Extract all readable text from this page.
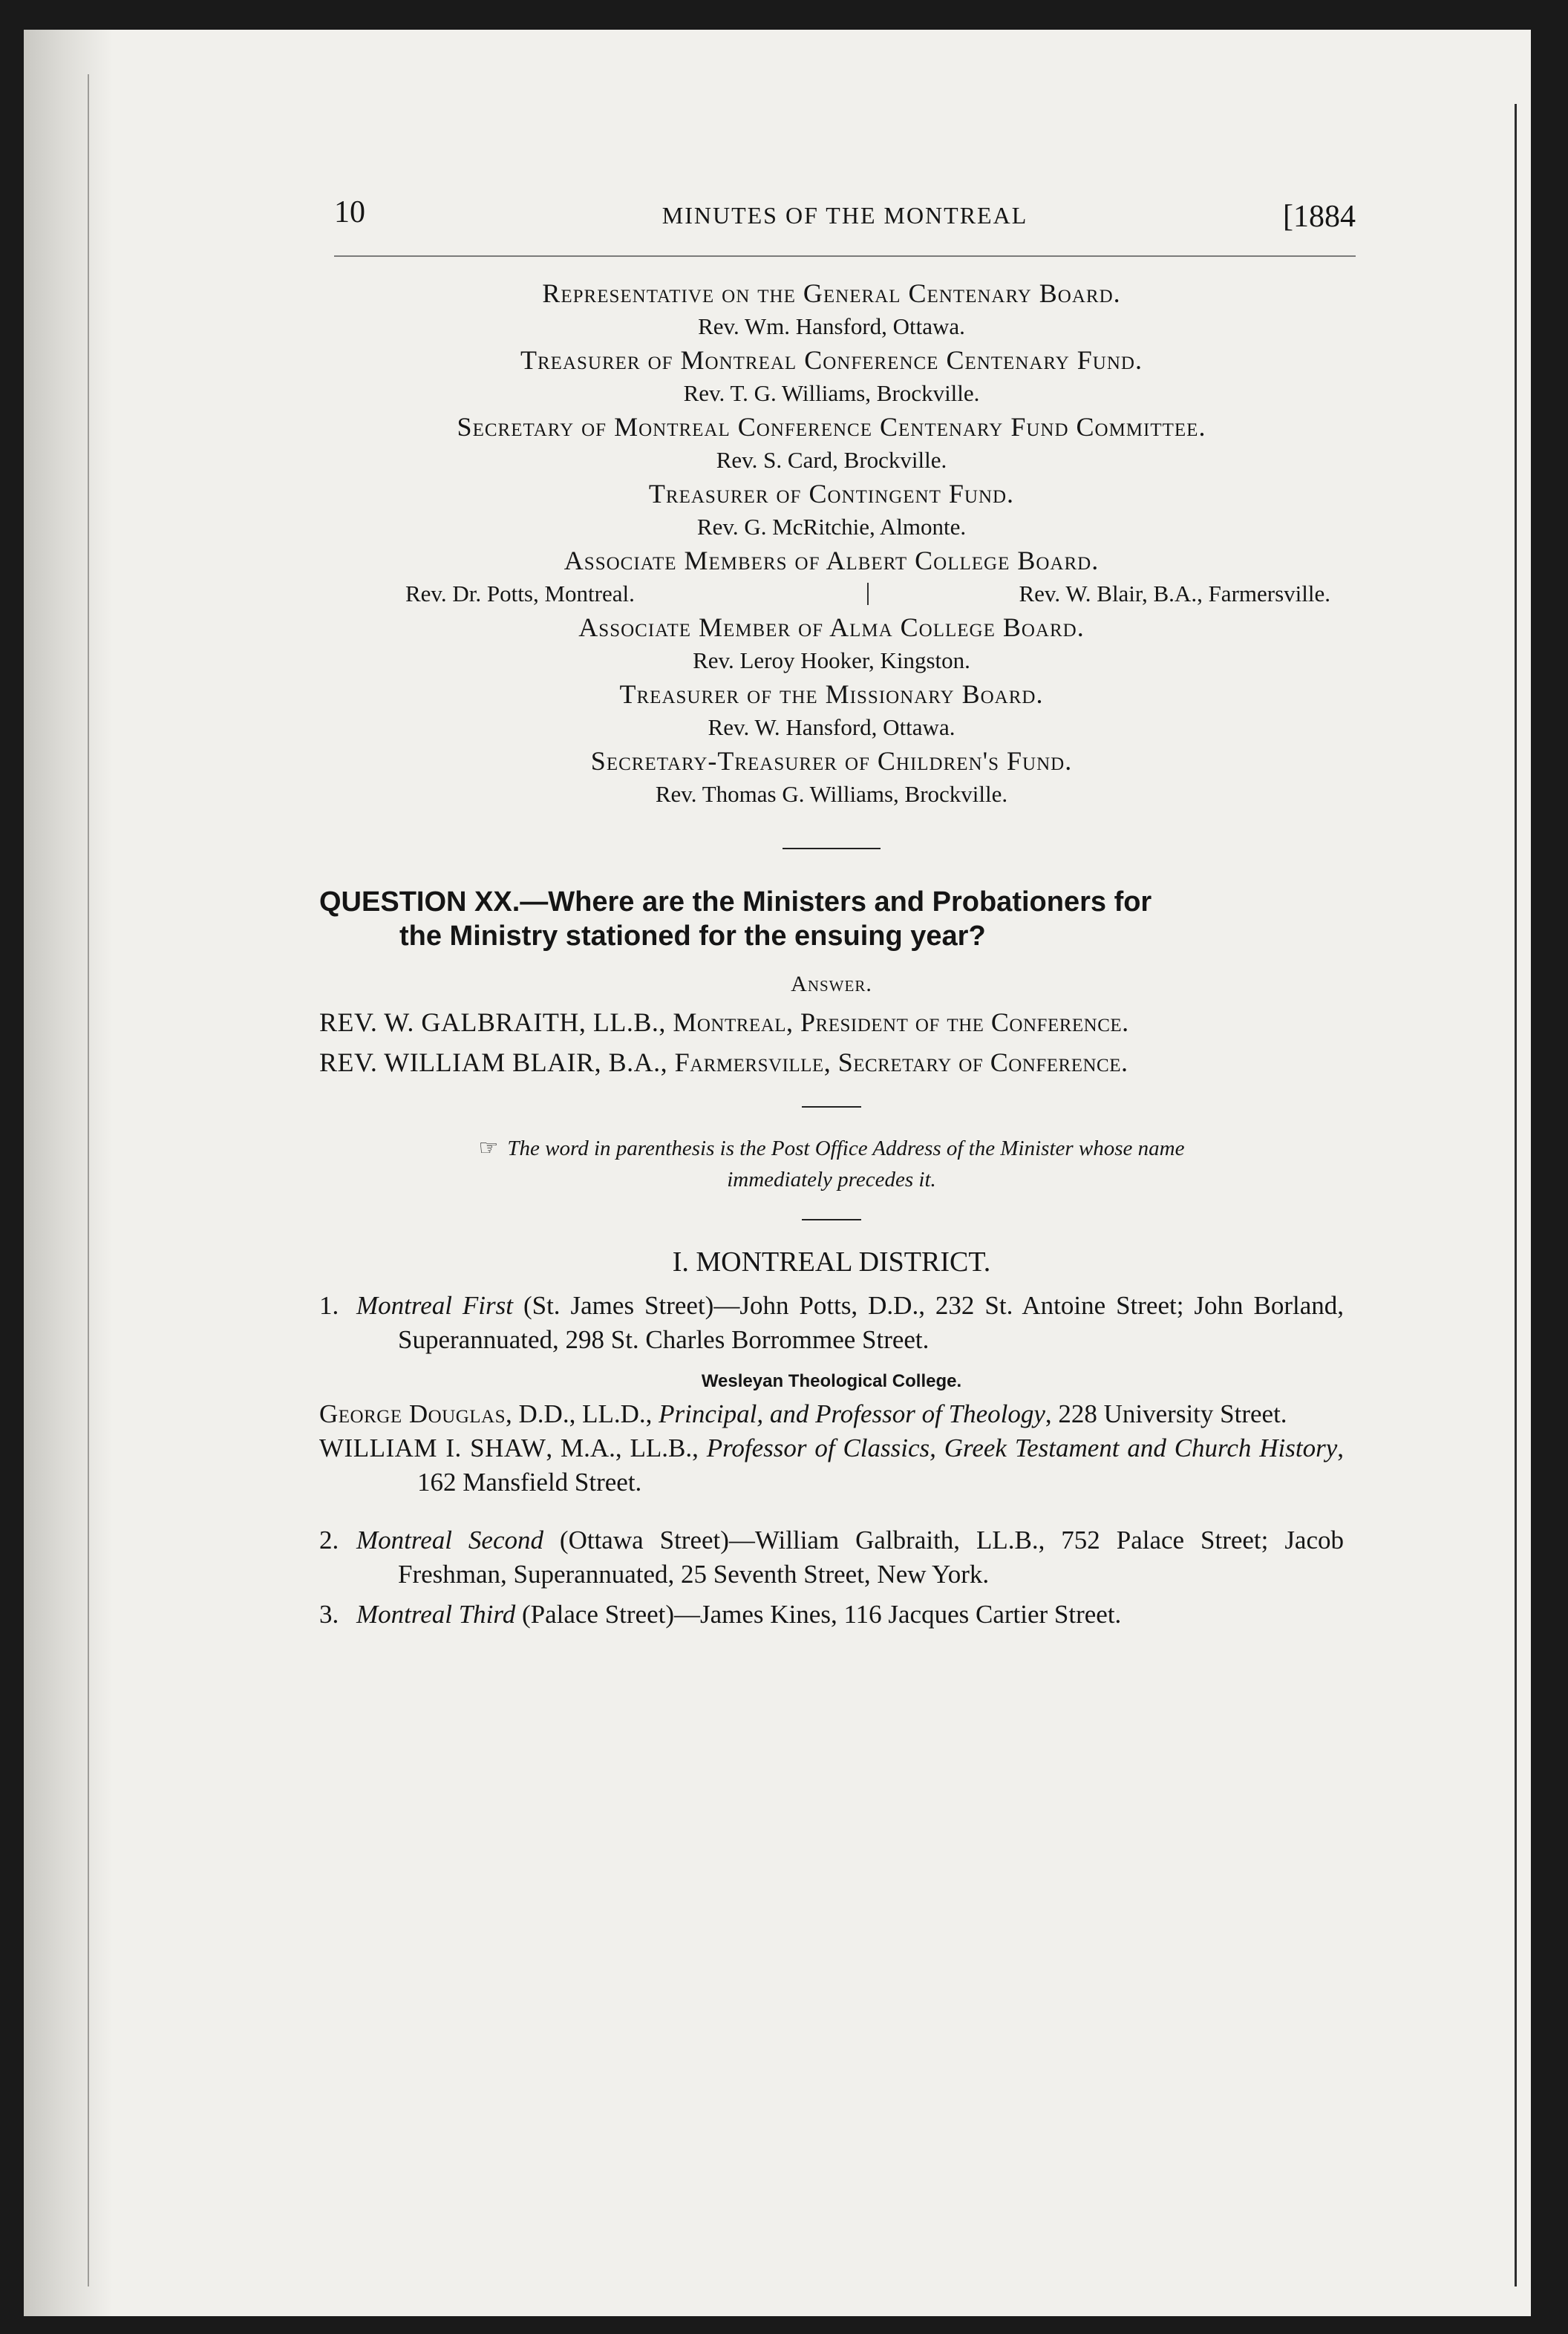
10	MINUTES OF THE MONTREAL	[1884
Representative on the General Centenary Board.
Rev. Wm. Hansford, Ottawa.
Treasurer of Montreal Conference Centenary Fund.
Rev. T. G. Williams, Brockville.
Secretary of Montreal Conference Centenary Fund Committee.
Rev. S. Card, Brockville.
Treasurer of Contingent Fund.
Rev. G. McRitchie, Almonte.
Associate Members of Albert College Board.
Rev. Dr. Potts, Montreal.	Rev. W. Blair, B.A., Farmersville.
Associate Member of Alma College Board.
Rev. Leroy Hooker, Kingston.
Treasurer of the Missionary Board.
Rev. W. Hansford, Ottawa.
Secretary-Treasurer of Children's Fund.
Rev. Thomas G. Williams, Brockville.
QUESTION XX.—Where are the Ministers and Probationers for
the Ministry stationed for the ensuing year?
Answer.
REV. W. GALBRAITH, LL.B., Montreal, President of the Conference.
REV. WILLIAM BLAIR, B.A., Farmersville, Secretary of Conference.
☞ The word in parenthesis is the Post Office Address of the Minister whose name
immediately precedes it.
I. MONTREAL DISTRICT.
1. Montreal First (St. James Street)—John Potts, D.D., 232 St. Antoine Street; John Borland, Superannuated, 298 St. Charles Borrommee Street.
Wesleyan Theological College.
George Douglas, D.D., LL.D., Principal, and Professor of Theology, 228 University Street.
WILLIAM I. SHAW, M.A., LL.B., Professor of Classics, Greek Testament and Church History, 162 Mansfield Street.
2. Montreal Second (Ottawa Street)—William Galbraith, LL.B., 752 Palace Street; Jacob Freshman, Superannuated, 25 Seventh Street, New York.
3. Montreal Third (Palace Street)—James Kines, 116 Jacques Cartier Street.
